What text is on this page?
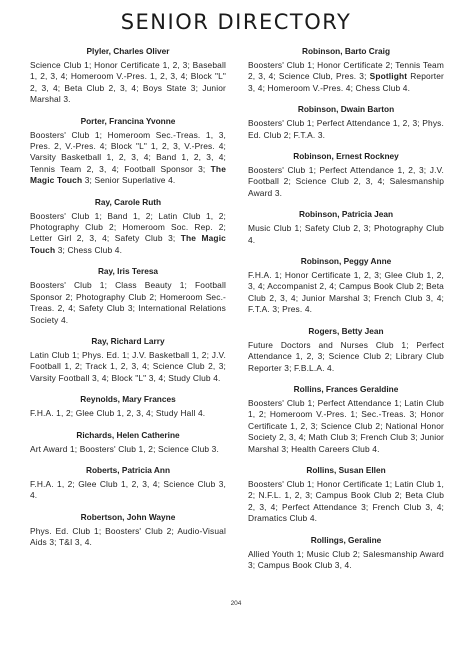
SENIOR DIRECTORY
Plyler, Charles Oliver
Science Club 1; Honor Certificate 1, 2, 3; Baseball 1, 2, 3, 4; Homeroom V.-Pres. 1, 2, 3, 4; Block "L" 2, 3, 4; Beta Club 2, 3, 4; Boys State 3; Junior Marshal 3.
Porter, Francina Yvonne
Boosters' Club 1; Homeroom Sec.-Treas. 1, 3, Pres. 2, V.-Pres. 4; Block "L" 1, 2, 3, V.-Pres. 4; Varsity Basketball 1, 2, 3, 4; Band 1, 2, 3, 4; Tennis Team 2, 3, 4; Football Sponsor 3; The Magic Touch 3; Senior Superlative 4.
Ray, Carole Ruth
Boosters' Club 1; Band 1, 2; Latin Club 1, 2; Photography Club 2; Homeroom Soc. Rep. 2; Letter Girl 2, 3, 4; Safety Club 3; The Magic Touch 3; Chess Club 4.
Ray, Iris Teresa
Boosters' Club 1; Class Beauty 1; Football Sponsor 2; Photography Club 2; Homeroom Sec.-Treas. 2, 4; Safety Club 3; International Relations Society 4.
Ray, Richard Larry
Latin Club 1; Phys. Ed. 1; J.V. Basketball 1, 2; J.V. Football 1, 2; Track 1, 2, 3, 4; Science Club 2, 3; Varsity Football 3, 4; Block "L" 3, 4; Study Club 4.
Reynolds, Mary Frances
F.H.A. 1, 2; Glee Club 1, 2, 3, 4; Study Hall 4.
Richards, Helen Catherine
Art Award 1; Boosters' Club 1, 2; Science Club 3.
Roberts, Patricia Ann
F.H.A. 1, 2; Glee Club 1, 2, 3, 4; Science Club 3, 4.
Robertson, John Wayne
Phys. Ed. Club 1; Boosters' Club 2; Audio-Visual Aids 3; T&I 3, 4.
Robinson, Barto Craig
Boosters' Club 1; Honor Certificate 2; Tennis Team 2, 3, 4; Science Club, Pres. 3; Spotlight Reporter 3, 4; Homeroom V.-Pres. 4; Chess Club 4.
Robinson, Dwain Barton
Boosters' Club 1; Perfect Attendance 1, 2, 3; Phys. Ed. Club 2; F.T.A. 3.
Robinson, Ernest Rockney
Boosters' Club 1; Perfect Attendance 1, 2, 3; J.V. Football 2; Science Club 2, 3, 4; Salesmanship Award 3.
Robinson, Patricia Jean
Music Club 1; Safety Club 2, 3; Photography Club 4.
Robinson, Peggy Anne
F.H.A. 1; Honor Certificate 1, 2, 3; Glee Club 1, 2, 3, 4; Accompanist 2, 4; Campus Book Club 2; Beta Club 2, 3, 4; Junior Marshal 3; French Club 3, 4; F.T.A. 3; Pres. 4.
Rogers, Betty Jean
Future Doctors and Nurses Club 1; Perfect Attendance 1, 2, 3; Science Club 2; Library Club Reporter 3; F.B.L.A. 4.
Rollins, Frances Geraldine
Boosters' Club 1; Perfect Attendance 1; Latin Club 1, 2; Homeroom V.-Pres. 1; Sec.-Treas. 3; Honor Certificate 1, 2, 3; Science Club 2; National Honor Society 2, 3, 4; Math Club 3; French Club 3; Junior Marshal 3; Health Careers Club 4.
Rollins, Susan Ellen
Boosters' Club 1; Honor Certificate 1; Latin Club 1, 2; N.F.L. 1, 2, 3; Campus Book Club 2; Beta Club 2, 3, 4; Perfect Attendance 3; French Club 3, 4; Dramatics Club 4.
Rollings, Geraline
Allied Youth 1; Music Club 2; Salesmanship Award 3; Campus Book Club 3, 4.
204
